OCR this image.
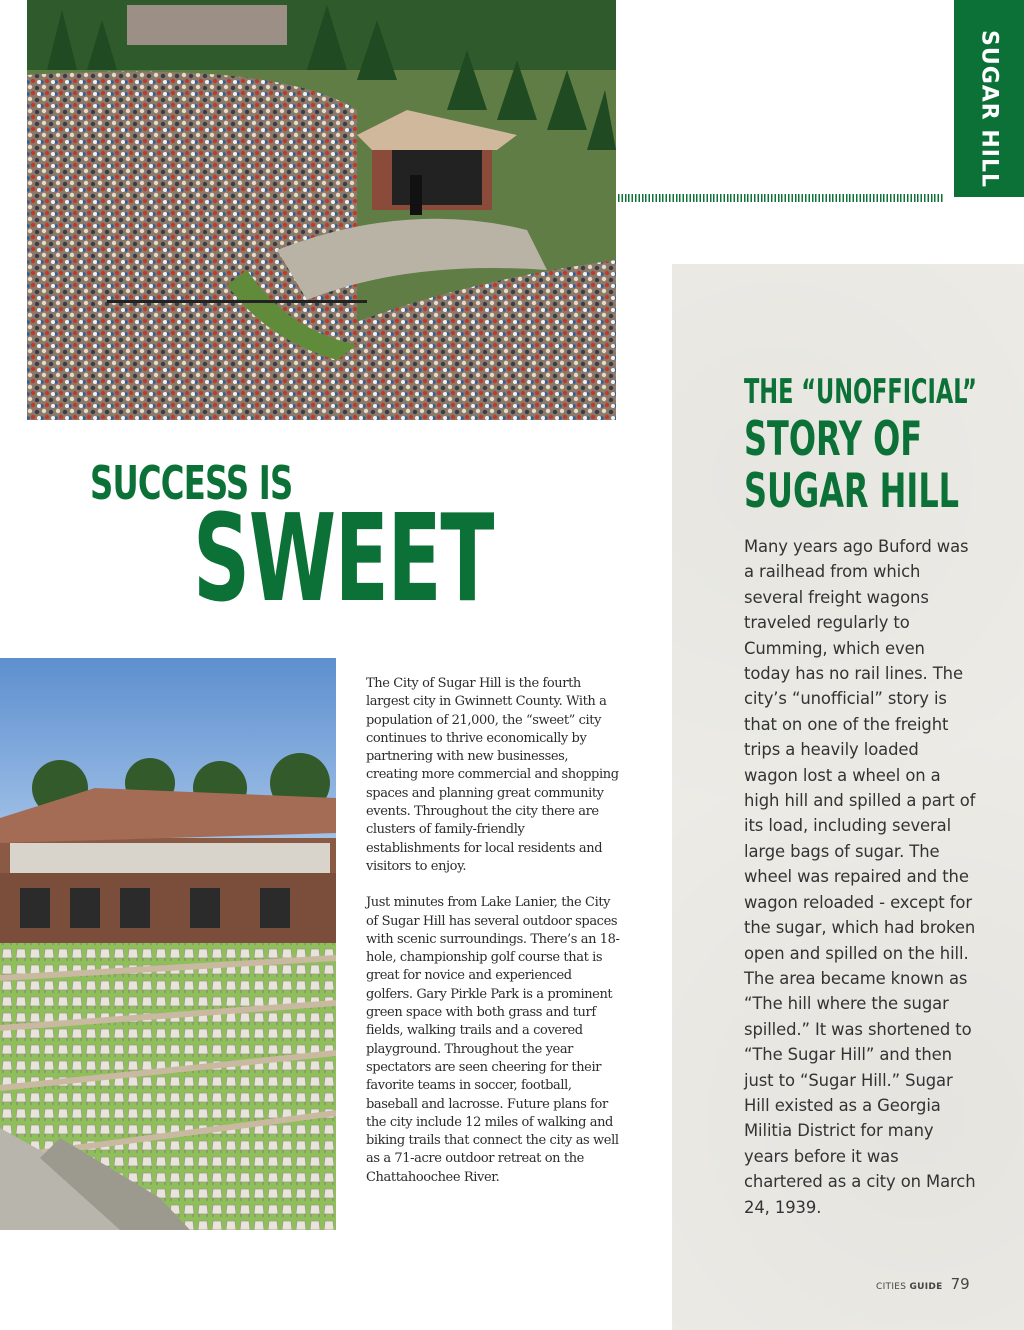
SUGAR HILL
SUCCESS IS
SWEET

The City of Sugar Hill is the fourth largest city in Gwinnett County. With a population of 21,000, the “sweet” city continues to thrive economically by partnering with new businesses, creating more commercial and shopping spaces and planning great community events. Throughout the city there are clusters of family-friendly establishments for local residents and visitors to enjoy.

Just minutes from Lake Lanier, the City of Sugar Hill has several outdoor spaces with scenic surroundings. There’s an 18-hole, championship golf course that is great for novice and experienced golfers. Gary Pirkle Park is a prominent green space with both grass and turf fields, walking trails and a covered playground. Throughout the year spectators are seen cheering for their favorite teams in soccer, football, baseball and lacrosse. Future plans for the city include 12 miles of walking and biking trails that connect the city as well as a 71-acre outdoor retreat on the Chattahoochee River.

THE “UNOFFICIAL”
STORY OF
SUGAR HILL

Many years ago Buford was a railhead from which several freight wagons traveled regularly to Cumming, which even today has no rail lines. The city’s “unofficial” story is that on one of the freight trips a heavily loaded wagon lost a wheel on a high hill and spilled a part of its load, including several large bags of sugar. The wheel was repaired and the wagon reloaded - except for the sugar, which had broken open and spilled on the hill. The area became known as “The hill where the sugar spilled.” It was shortened to “The Sugar Hill” and then just to “Sugar Hill.” Sugar Hill existed as a Georgia Militia District for many years before it was chartered as a city on March 24, 1939.

CITIES GUIDE 79
